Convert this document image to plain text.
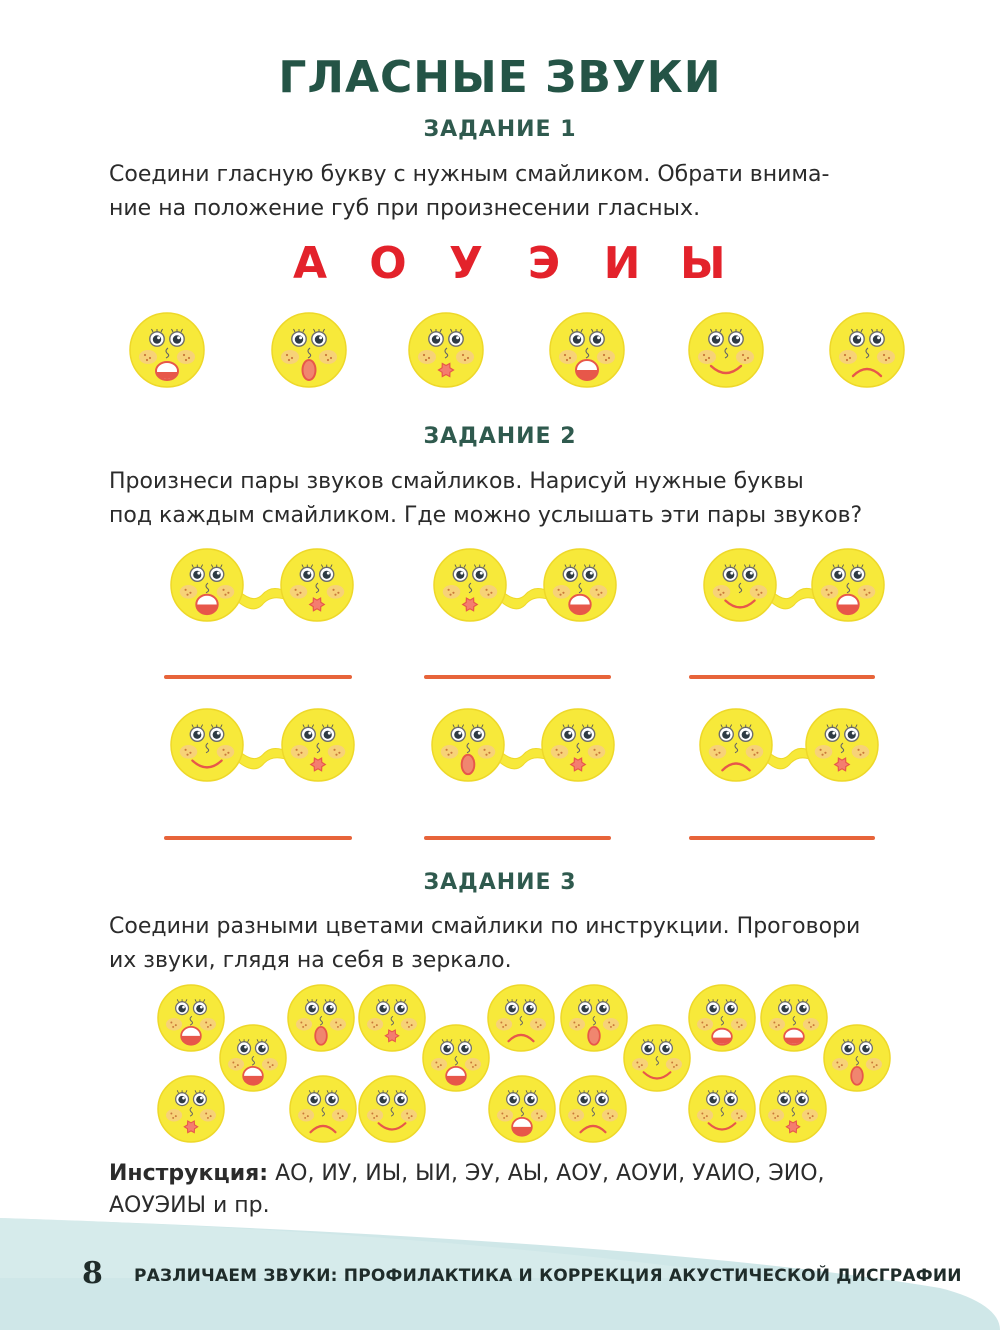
ГЛАСНЫЕ ЗВУКИ
ЗАДАНИЕ 1
Соедини гласную букву с нужным смайликом. Обрати внима-
ние на положение губ при произнесении гласных.
А О У Э И Ы
ЗАДАНИЕ 2
Произнеси пары звуков смайликов. Нарисуй нужные буквы
под каждым смайликом. Где можно услышать эти пары звуков?
ЗАДАНИЕ 3
Соедини разными цветами смайлики по инструкции. Проговори
их звуки, глядя на себя в зеркало.
Инструкция: АО, ИУ, ИЫ, ЫИ, ЭУ, АЫ, АОУ, АОУИ, УАИО, ЭИО,
АОУЭИЫ и пр.
8 РАЗЛИЧАЕМ ЗВУКИ: ПРОФИЛАКТИКА И КОРРЕКЦИЯ АКУСТИЧЕСКОЙ ДИСГРАФИИ
